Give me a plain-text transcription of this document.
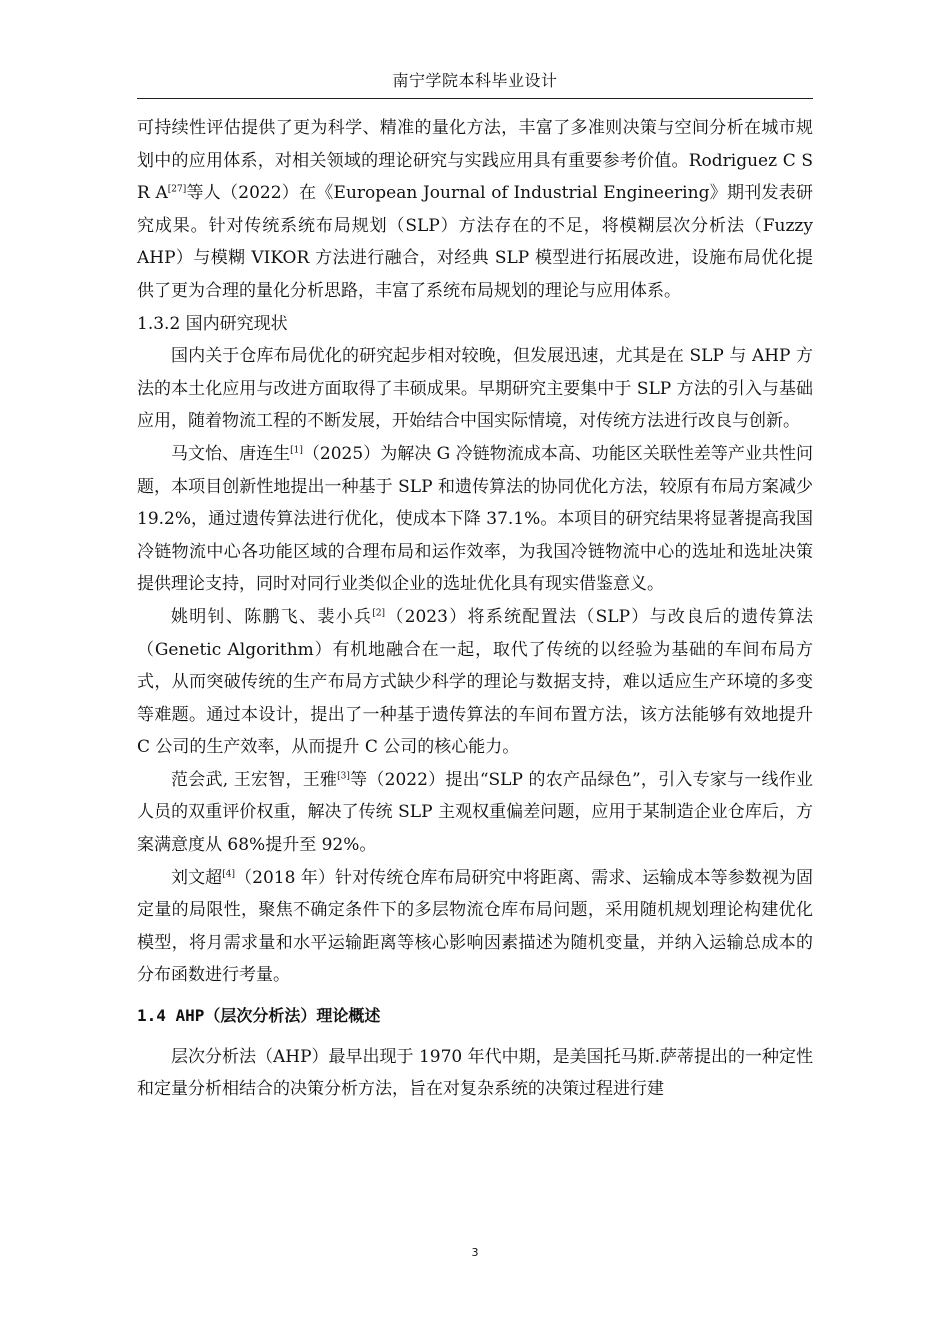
南宁学院本科毕业设计

可持续性评估提供了更为科学、精准的量化方法，丰富了多准则决策与空间分析在城市规划中的应用体系，对相关领域的理论研究与实践应用具有重要参考价值。Rodriguez C S R A[27]等人（2022）在《European Journal of Industrial Engineering》期刊发表研究成果。针对传统系统布局规划（SLP）方法存在的不足，将模糊层次分析法（Fuzzy AHP）与模糊 VIKOR 方法进行融合，对经典 SLP 模型进行拓展改进，设施布局优化提供了更为合理的量化分析思路，丰富了系统布局规划的理论与应用体系。

1.3.2 国内研究现状

国内关于仓库布局优化的研究起步相对较晚，但发展迅速，尤其是在 SLP 与 AHP 方法的本土化应用与改进方面取得了丰硕成果。早期研究主要集中于 SLP 方法的引入与基础应用，随着物流工程的不断发展，开始结合中国实际情境，对传统方法进行改良与创新。

马文怡、唐连生[1]（2025）为解决 G 冷链物流成本高、功能区关联性差等产业共性问题，本项目创新性地提出一种基于 SLP 和遗传算法的协同优化方法，较原有布局方案减少 19.2%，通过遗传算法进行优化，使成本下降 37.1%。本项目的研究结果将显著提高我国冷链物流中心各功能区域的合理布局和运作效率，为我国冷链物流中心的选址和选址决策提供理论支持，同时对同行业类似企业的选址优化具有现实借鉴意义。

姚明钊、陈鹏飞、裴小兵[2]（2023）将系统配置法（SLP）与改良后的遗传算法（Genetic Algorithm）有机地融合在一起，取代了传统的以经验为基础的车间布局方式，从而突破传统的生产布局方式缺少科学的理论与数据支持，难以适应生产环境的多变等难题。通过本设计，提出了一种基于遗传算法的车间布置方法，该方法能够有效地提升 C 公司的生产效率，从而提升 C 公司的核心能力。

范会武, 王宏智，王雅[3]等（2022）提出“SLP 的农产品绿色”，引入专家与一线作业人员的双重评价权重，解决了传统 SLP 主观权重偏差问题，应用于某制造企业仓库后，方案满意度从 68%提升至 92%。

刘文超[4]（2018 年）针对传统仓库布局研究中将距离、需求、运输成本等参数视为固定量的局限性，聚焦不确定条件下的多层物流仓库布局问题，采用随机规划理论构建优化模型，将月需求量和水平运输距离等核心影响因素描述为随机变量，并纳入运输总成本的分布函数进行考量。

1.4 AHP（层次分析法）理论概述

层次分析法（AHP）最早出现于 1970 年代中期，是美国托马斯.萨蒂提出的一种定性和定量分析相结合的决策分析方法，旨在对复杂系统的决策过程进行建

3
